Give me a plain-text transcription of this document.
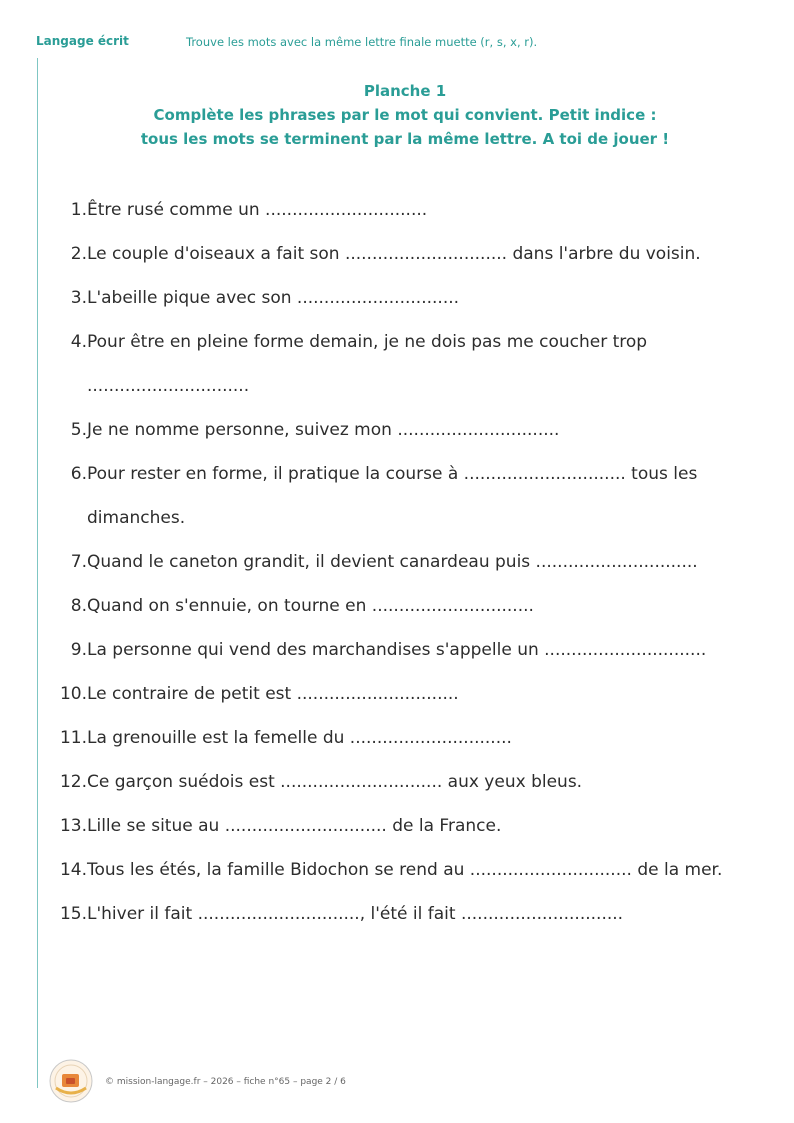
Langage écrit	Trouve les mots avec la même lettre finale muette (r, s, x, r).
Planche 1
Complète les phrases par le mot qui convient. Petit indice :
tous les mots se terminent par la même lettre. A toi de jouer !
1. Être rusé comme un ..............................
2. Le couple d'oiseaux a fait son .............................. dans l'arbre du voisin.
3. L'abeille pique avec son ..............................
4. Pour être en pleine forme demain, je ne dois pas me coucher trop
..............................
5. Je ne nomme personne, suivez mon ..............................
6. Pour rester en forme, il pratique la course à .............................. tous les
dimanches.
7. Quand le caneton grandit, il devient canardeau puis ..............................
8. Quand on s'ennuie, on tourne en ..............................
9. La personne qui vend des marchandises s'appelle un ..............................
10. Le contraire de petit est ..............................
11. La grenouille est la femelle du ..............................
12. Ce garçon suédois est .............................. aux yeux bleus.
13. Lille se situe au .............................. de la France.
14. Tous les étés, la famille Bidochon se rend au .............................. de la mer.
15. L'hiver il fait .............................., l'été il fait ..............................
© mission-langage.fr – 2026 – fiche n°65 – page 2 / 6
